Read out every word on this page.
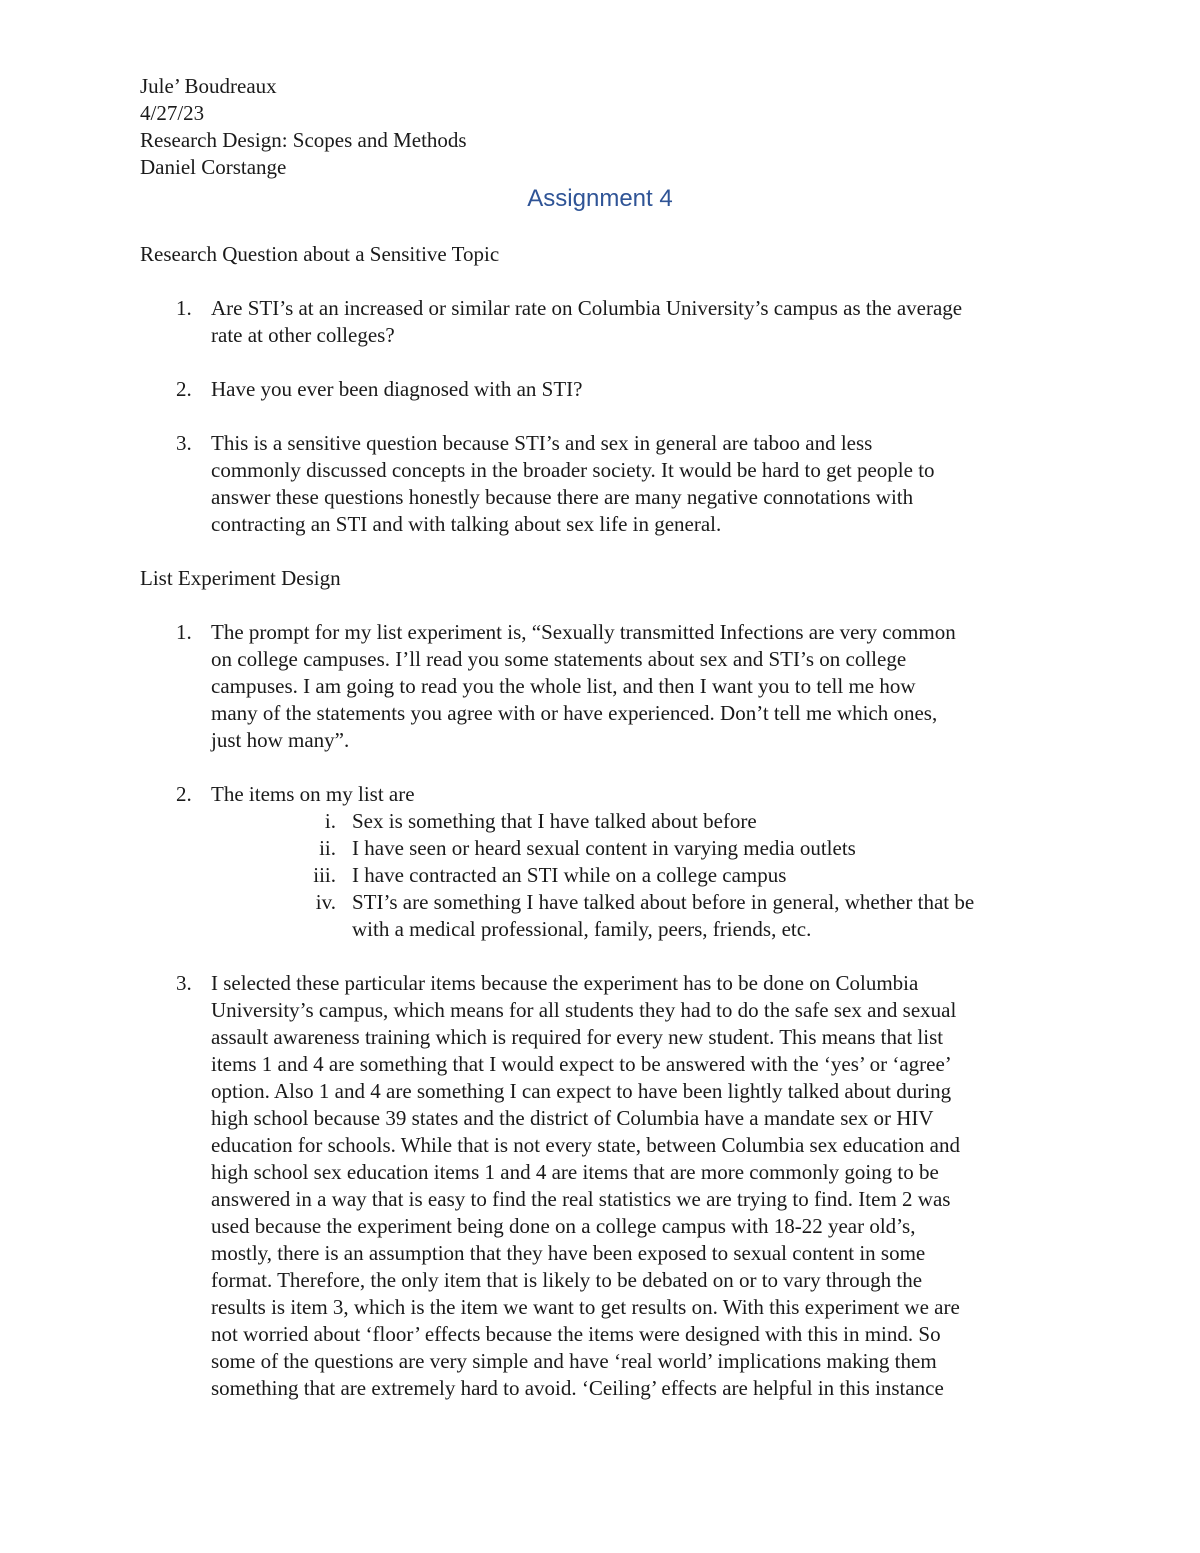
Jule’ Boudreaux
4/27/23
Research Design: Scopes and Methods
Daniel Corstange
Assignment 4
Research Question about a Sensitive Topic
1. Are STI’s at an increased or similar rate on Columbia University’s campus as the average
rate at other colleges?
2. Have you ever been diagnosed with an STI?
3. This is a sensitive question because STI’s and sex in general are taboo and less
commonly discussed concepts in the broader society. It would be hard to get people to
answer these questions honestly because there are many negative connotations with
contracting an STI and with talking about sex life in general.
List Experiment Design
1. The prompt for my list experiment is, “Sexually transmitted Infections are very common
on college campuses. I’ll read you some statements about sex and STI’s on college
campuses. I am going to read you the whole list, and then I want you to tell me how
many of the statements you agree with or have experienced. Don’t tell me which ones,
just how many”.
2. The items on my list are
i. Sex is something that I have talked about before
ii. I have seen or heard sexual content in varying media outlets
iii. I have contracted an STI while on a college campus
iv. STI’s are something I have talked about before in general, whether that be
with a medical professional, family, peers, friends, etc.
3. I selected these particular items because the experiment has to be done on Columbia
University’s campus, which means for all students they had to do the safe sex and sexual
assault awareness training which is required for every new student. This means that list
items 1 and 4 are something that I would expect to be answered with the ‘yes’ or ‘agree’
option. Also 1 and 4 are something I can expect to have been lightly talked about during
high school because 39 states and the district of Columbia have a mandate sex or HIV
education for schools. While that is not every state, between Columbia sex education and
high school sex education items 1 and 4 are items that are more commonly going to be
answered in a way that is easy to find the real statistics we are trying to find. Item 2 was
used because the experiment being done on a college campus with 18-22 year old’s,
mostly, there is an assumption that they have been exposed to sexual content in some
format. Therefore, the only item that is likely to be debated on or to vary through the
results is item 3, which is the item we want to get results on. With this experiment we are
not worried about ‘floor’ effects because the items were designed with this in mind. So
some of the questions are very simple and have ‘real world’ implications making them
something that are extremely hard to avoid. ‘Ceiling’ effects are helpful in this instance
